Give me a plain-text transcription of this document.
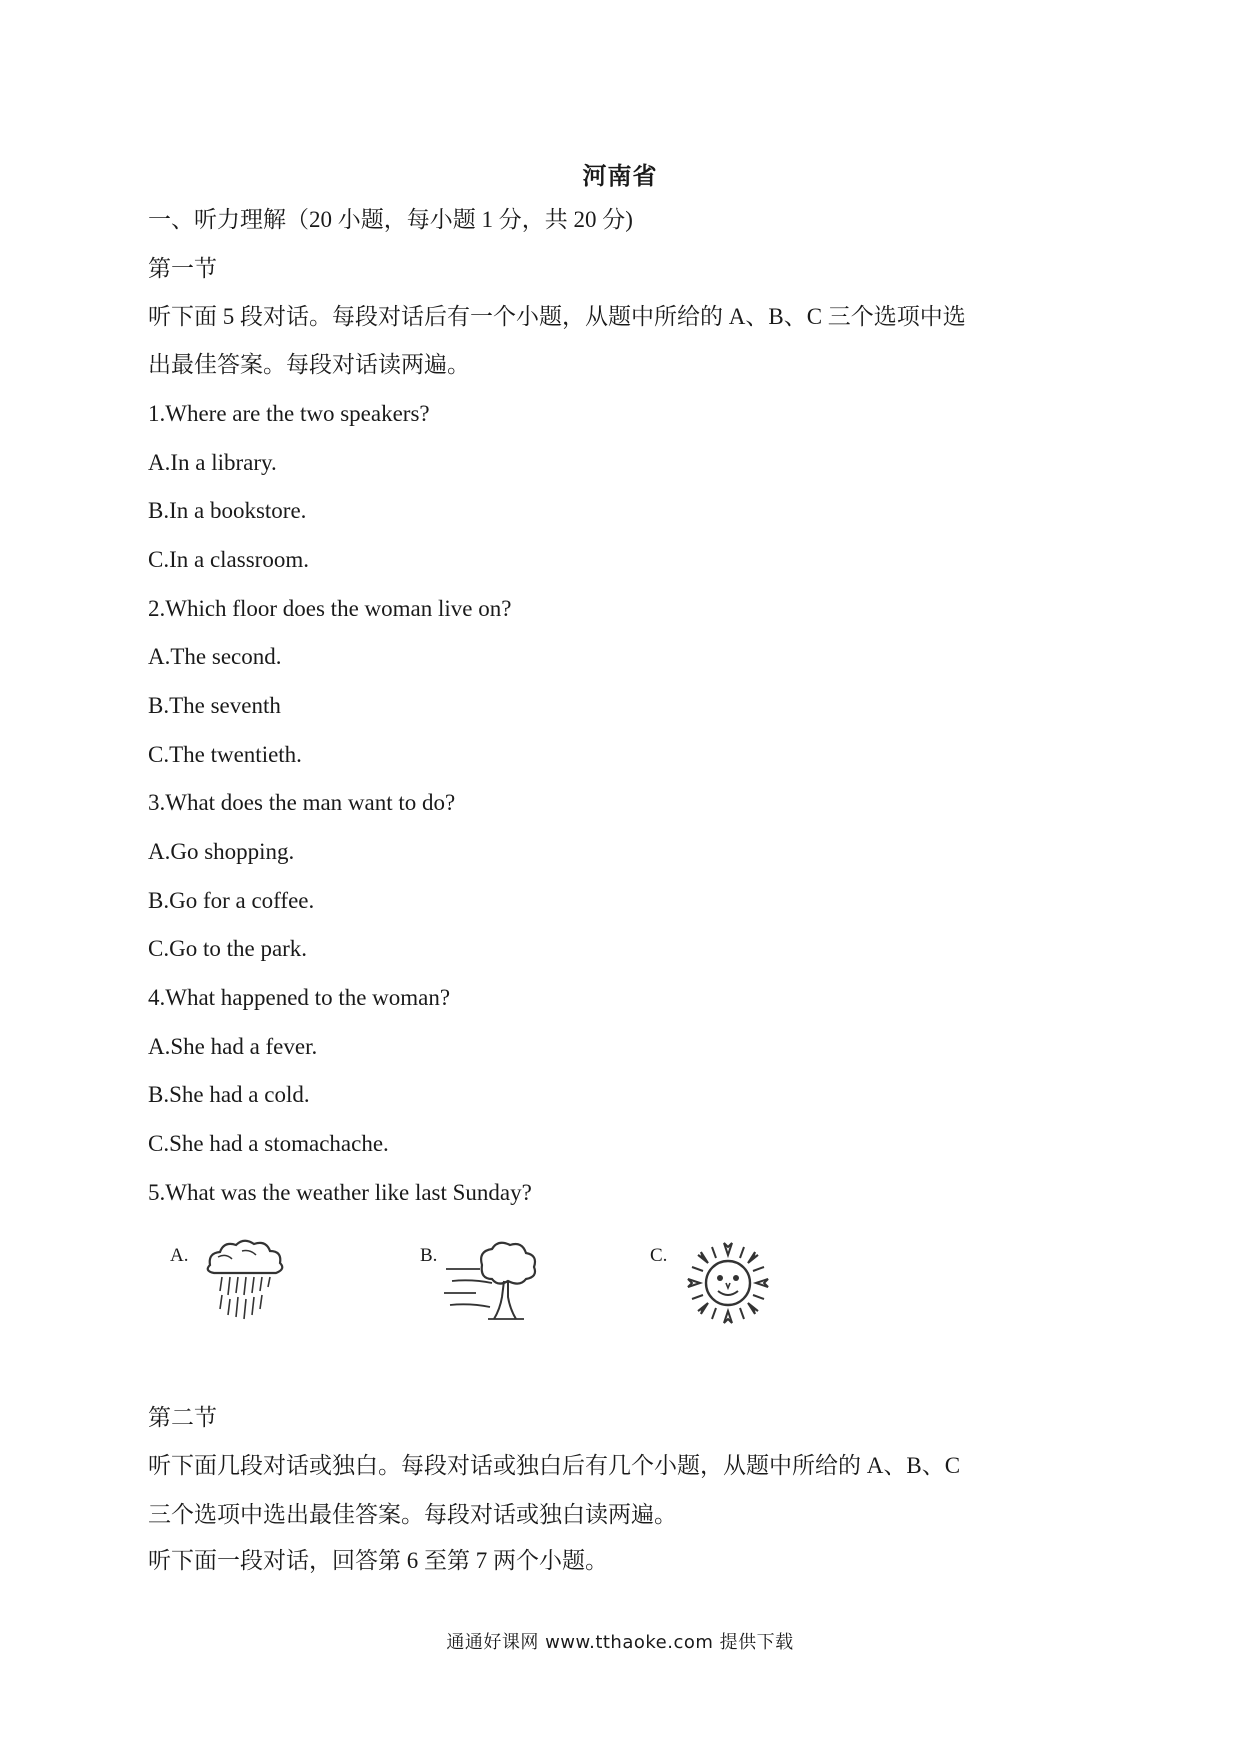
河南省
一、听力理解（20 小题，每小题 1 分，共 20 分)
第一节
听下面 5 段对话。每段对话后有一个小题，从题中所给的 A、B、C 三个选项中选
出最佳答案。每段对话读两遍。
1.Where are the two speakers?
A.In a library.
B.In a bookstore.
C.In a classroom.
2.Which floor does the woman live on?
A.The second.
B.The seventh
C.The twentieth.
3.What does the man want to do?
A.Go shopping.
B.Go for a coffee.
C.Go to the park.
4.What happened to the woman?
A.She had a fever.
B.She had a cold.
C.She had a stomachache.
5.What was the weather like last Sunday?
A.	B.	C.
第二节
听下面几段对话或独白。每段对话或独白后有几个小题，从题中所给的 A、B、C
三个选项中选出最佳答案。每段对话或独白读两遍。
听下面一段对话，回答第 6 至第 7 两个小题。
通通好课网 www.tthaoke.com 提供下载
